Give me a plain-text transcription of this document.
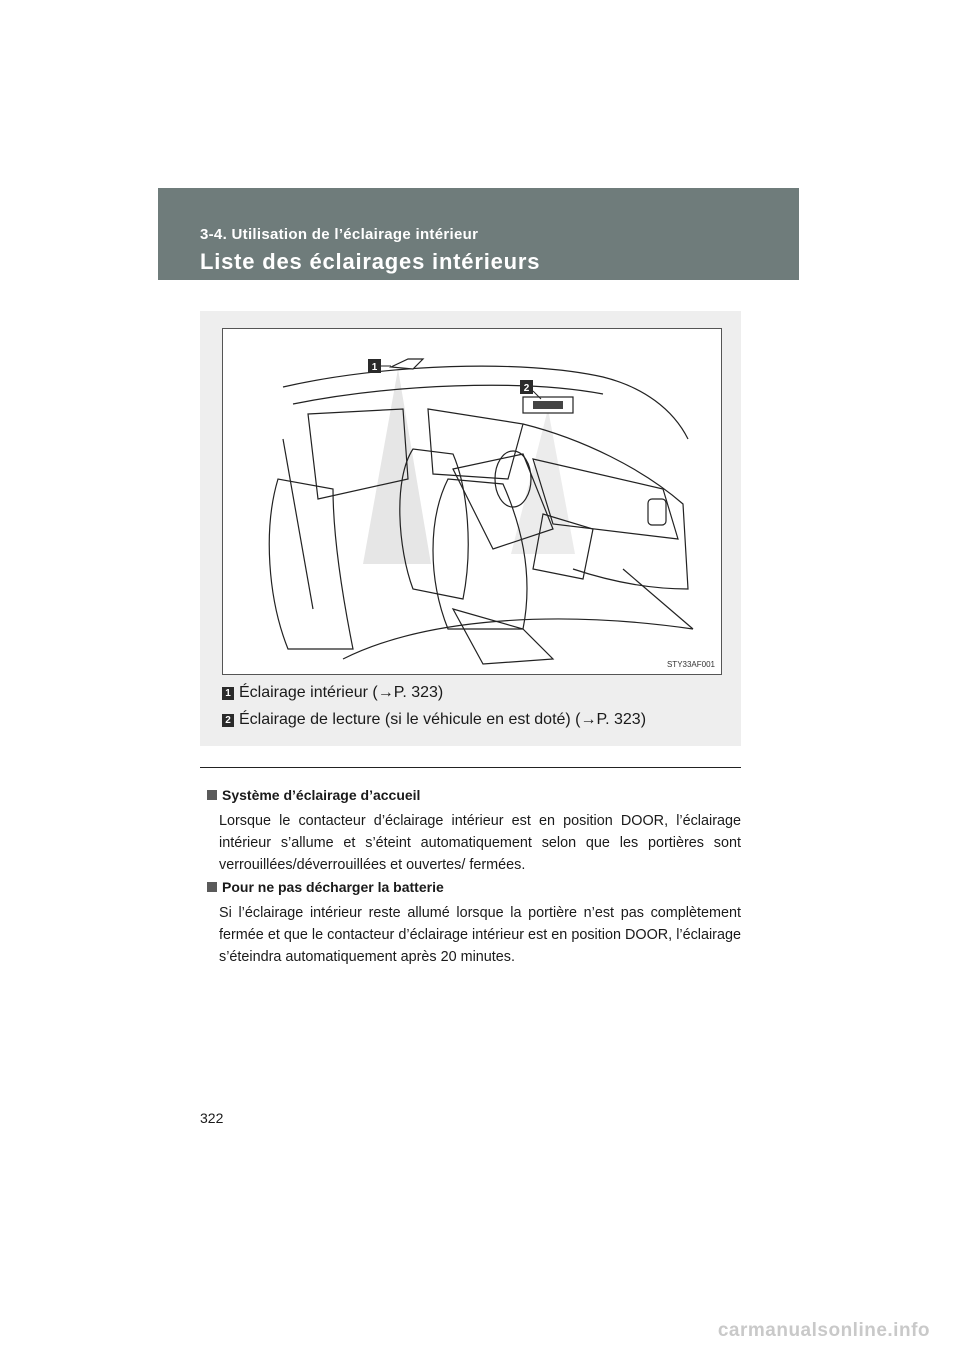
3-4. Utilisation de l’éclairage intérieur
Liste des éclairages intérieurs
1
2
STY33AF001
1 Éclairage intérieur (→P. 323)
2 Éclairage de lecture (si le véhicule en est doté) (→P. 323)
Système d’éclairage d’accueil
Lorsque le contacteur d’éclairage intérieur est en position DOOR, l’éclairage intérieur s’allume et s’éteint automatiquement selon que les portières sont verrouillées/déverrouillées et ouvertes/ fermées.
Pour ne pas décharger la batterie
Si l’éclairage intérieur reste allumé lorsque la portière n’est pas complètement fermée et que le contacteur d’éclairage intérieur est en position DOOR, l’éclairage s’éteindra automatiquement après 20 minutes.
322
carmanualsonline.info
